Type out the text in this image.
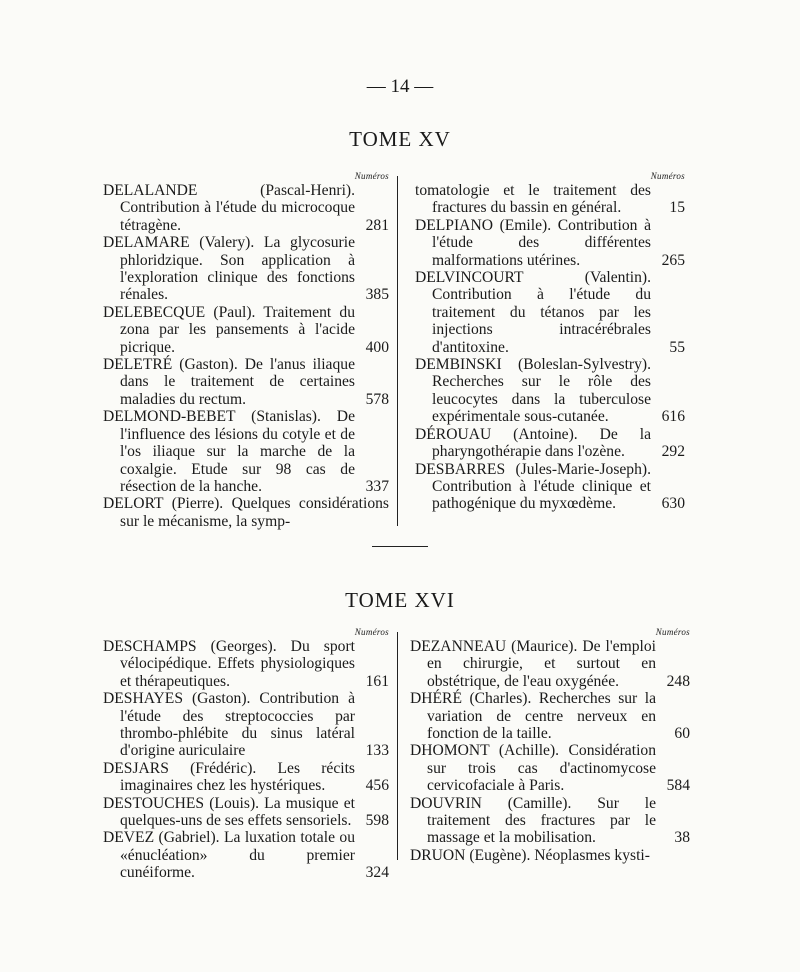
— 14 —
TOME XV
Numéros

DELALANDE (Pascal-Henri). Contribution à l'étude du microcoque tétragène.	281

DELAMARE (Valery). La glycosurie phloridzique. Son application à l'exploration clinique des fonctions rénales.	385

DELEBECQUE (Paul). Traitement du zona par les pansements à l'acide picrique.	400

DELETRÉ (Gaston). De l'anus iliaque dans le traitement de certaines maladies du rectum.	578

DELMOND-BEBET (Stanislas). De l'influence des lésions du cotyle et de l'os iliaque sur la marche de la coxalgie. Etude sur 98 cas de résection de la hanche.	337

DELORT (Pierre). Quelques considérations sur le mécanisme, la symp-

Numéros

tomatologie et le traitement des fractures du bassin en général.	15

DELPIANO (Emile). Contribution à l'étude des différentes malformations utérines.	265

DELVINCOURT (Valentin). Contribution à l'étude du traitement du tétanos par les injections intracérébrales d'antitoxine.	55

DEMBINSKI (Boleslan-Sylvestry). Recherches sur le rôle des leucocytes dans la tuberculose expérimentale sous-cutanée.	616

DÉROUAU (Antoine). De la pharyngothérapie dans l'ozène. 292

DESBARRES (Jules-Marie-Joseph). Contribution à l'étude clinique et pathogénique du myxœdème.	630

TOME XVI
Numéros

DESCHAMPS (Georges). Du sport vélocipédique. Effets physiologiques et thérapeutiques.	161

DESHAYES (Gaston). Contribution à l'étude des streptococcies par thrombo-phlébite du sinus latéral d'origine auriculaire	133

DESJARS (Frédéric). Les récits imaginaires chez les hystériques.	456

DESTOUCHES (Louis). La musique et quelques-uns de ses effets sensoriels. 598

DEVEZ (Gabriel). La luxation totale ou «énucléation» du premier cunéiforme.	324

Numéros

DEZANNEAU (Maurice). De l'emploi en chirurgie, et surtout en obstétrique, de l'eau oxygénée.	248

DHÉRÉ (Charles). Recherches sur la variation de centre nerveux en fonction de la taille.	60

DHOMONT (Achille). Considération sur trois cas d'actinomycose cervicofaciale à Paris.	584

DOUVRIN (Camille). Sur le traitement des fractures par le massage et la mobilisation.	38

DRUON (Eugène). Néoplasmes kysti-
